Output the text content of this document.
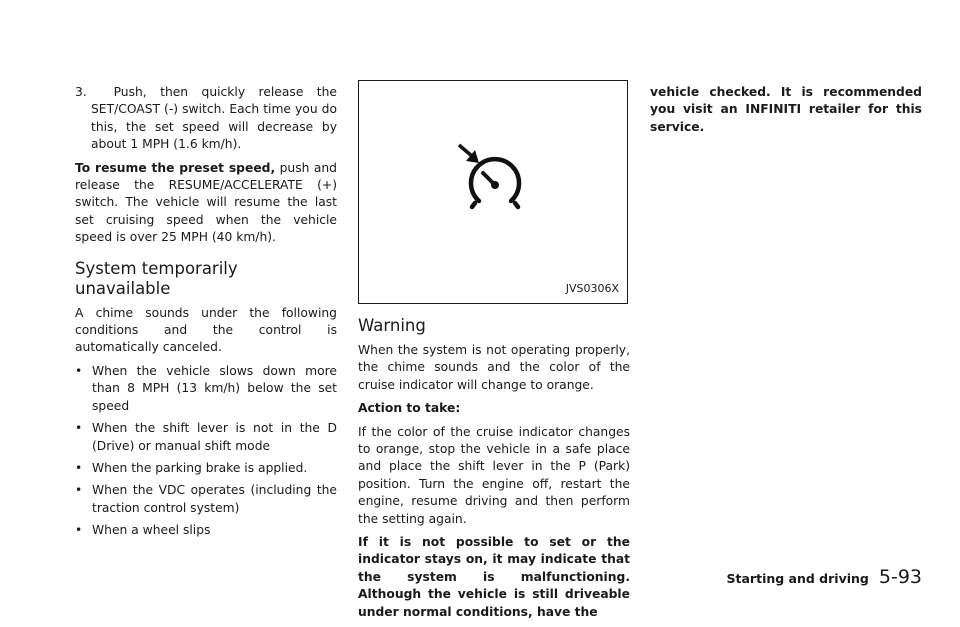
3. Push, then quickly release the SET/COAST (-) switch. Each time you do this, the set speed will decrease by about 1 MPH (1.6 km/h).

To resume the preset speed, push and release the RESUME/ACCELERATE (+) switch. The vehicle will resume the last set cruising speed when the vehicle speed is over 25 MPH (40 km/h).

System temporarily unavailable

A chime sounds under the following conditions and the control is automatically canceled.

• When the vehicle slows down more than 8 MPH (13 km/h) below the set speed
• When the shift lever is not in the D (Drive) or manual shift mode
• When the parking brake is applied.
• When the VDC operates (including the traction control system)
• When a wheel slips
JVS0306X
Warning

When the system is not operating properly, the chime sounds and the color of the cruise indicator will change to orange.

Action to take:

If the color of the cruise indicator changes to orange, stop the vehicle in a safe place and place the shift lever in the P (Park) position. Turn the engine off, restart the engine, resume driving and then perform the setting again.

If it is not possible to set or the indicator stays on, it may indicate that the system is malfunctioning. Although the vehicle is still driveable under normal conditions, have the

vehicle checked. It is recommended you visit an INFINITI retailer for this service.

Starting and driving 5-93
